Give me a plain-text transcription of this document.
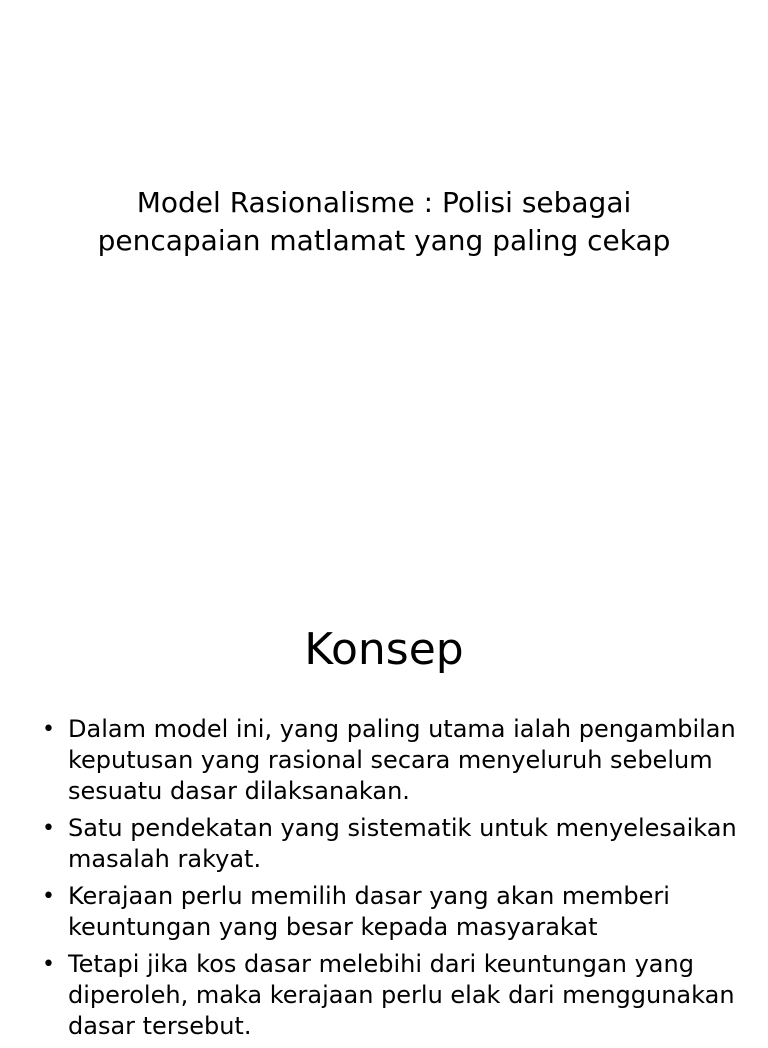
Model Rasionalisme : Polisi sebagai pencapaian matlamat yang paling cekap
Konsep
• Dalam model ini, yang paling utama ialah pengambilan keputusan yang rasional secara menyeluruh sebelum sesuatu dasar dilaksanakan.
• Satu pendekatan yang sistematik untuk menyelesaikan masalah rakyat.
• Kerajaan perlu memilih dasar yang akan memberi keuntungan yang besar kepada masyarakat
• Tetapi jika kos dasar melebihi dari keuntungan yang diperoleh, maka kerajaan perlu elak dari menggunakan dasar tersebut.
